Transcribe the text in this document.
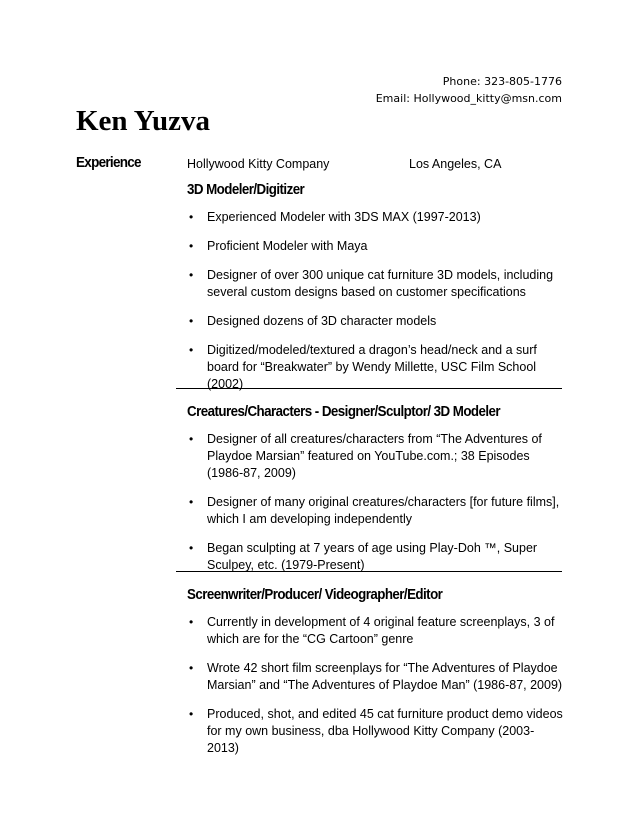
Phone: 323-805-1776
Email: Hollywood_kitty@msn.com
Ken Yuzva
Experience	Hollywood Kitty Company	Los Angeles, CA
3D Modeler/Digitizer
• Experienced Modeler with 3DS MAX (1997-2013)
• Proficient Modeler with Maya
• Designer of over 300 unique cat furniture 3D models, including several custom designs based on customer specifications
• Designed dozens of 3D character models
• Digitized/modeled/textured a dragon’s head/neck and a surf board for “Breakwater” by Wendy Millette, USC Film School (2002)
Creatures/Characters - Designer/Sculptor/ 3D Modeler
• Designer of all creatures/characters from “The Adventures of Playdoe Marsian” featured on YouTube.com.; 38 Episodes (1986-87, 2009)
• Designer of many original creatures/characters [for future films], which I am developing independently
• Began sculpting at 7 years of age using Play-Doh ™, Super Sculpey, etc. (1979-Present)
Screenwriter/Producer/ Videographer/Editor
• Currently in development of 4 original feature screenplays, 3 of which are for the “CG Cartoon” genre
• Wrote 42 short film screenplays for “The Adventures of Playdoe Marsian” and “The Adventures of Playdoe Man” (1986-87, 2009)
• Produced, shot, and edited 45 cat furniture product demo videos for my own business, dba Hollywood Kitty Company (2003-2013)
